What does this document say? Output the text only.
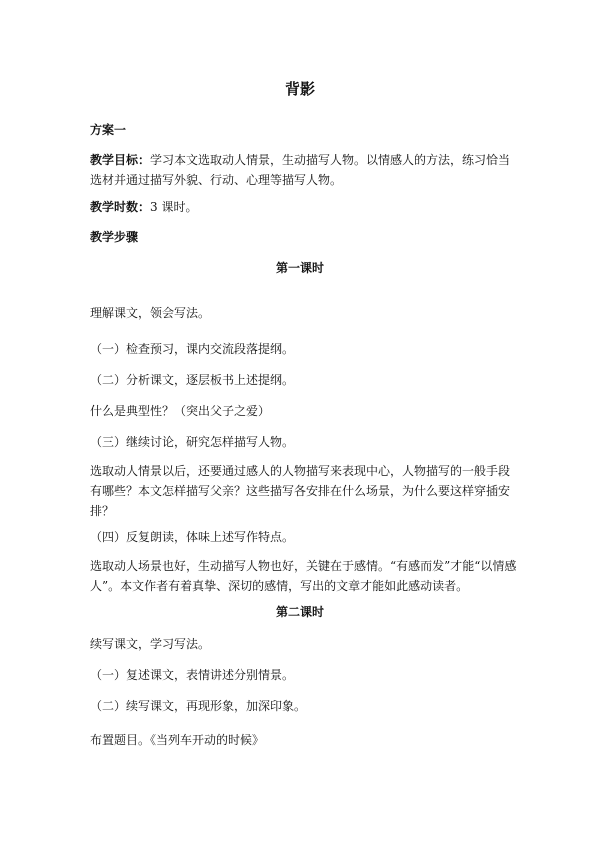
背影
方案一
教学目标：学习本文选取动人情景，生动描写人物。以情感人的方法，练习恰当选材并通过描写外貌、行动、心理等描写人物。
教学时数：3 课时。
教学步骤
第一课时
理解课文，领会写法。
（一）检查预习，课内交流段落提纲。
（二）分析课文，逐层板书上述提纲。
什么是典型性？（突出父子之爱）
（三）继续讨论，研究怎样描写人物。
选取动人情景以后，还要通过感人的人物描写来表现中心，人物描写的一般手段有哪些？本文怎样描写父亲？这些描写各安排在什么场景，为什么要这样穿插安排？
（四）反复朗读，体味上述写作特点。
选取动人场景也好，生动描写人物也好，关键在于感情。“有感而发”才能“以情感人”。本文作者有着真挚、深切的感情，写出的文章才能如此感动读者。
第二课时
续写课文，学习写法。
（一）复述课文，表情讲述分别情景。
（二）续写课文，再现形象，加深印象。
布置题目。《当列车开动的时候》
